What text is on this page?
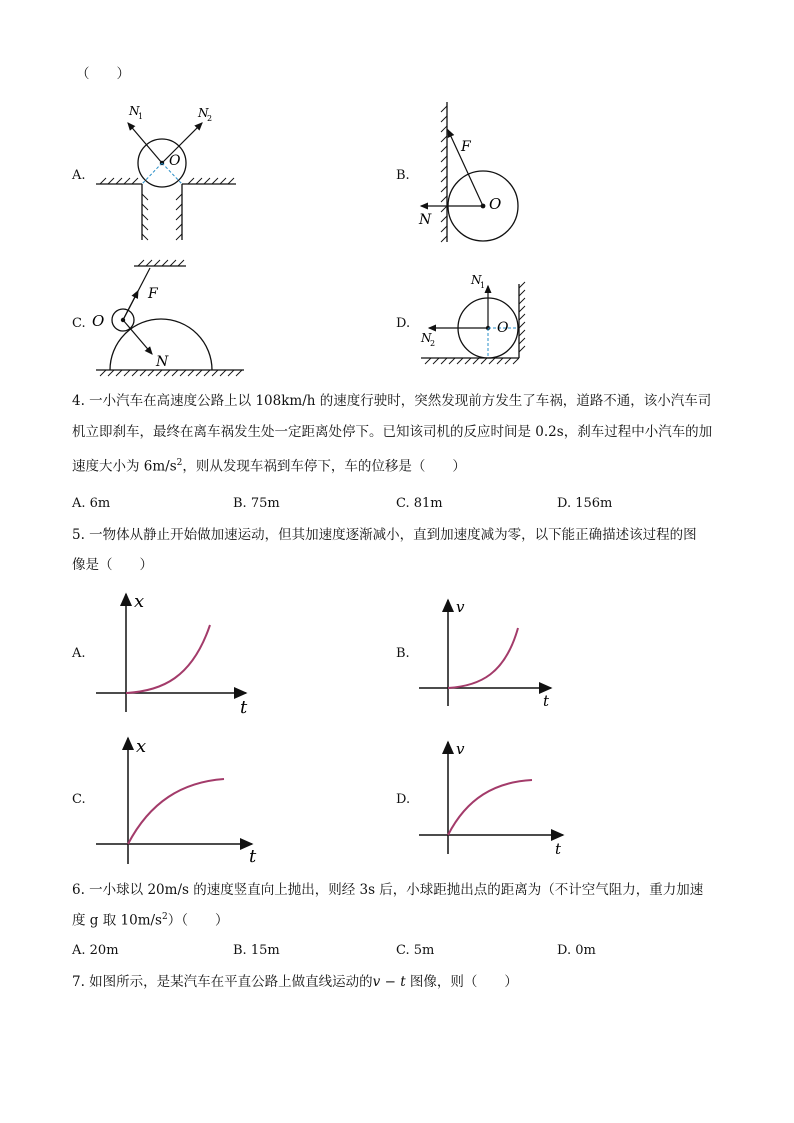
（　　）
A.	B.
C.	D.
N
1	N
2
O
F
N
O
F
N
O
N
1
N
2
O
4. 一小汽车在高速度公路上以 108km/h 的速度行驶时，突然发现前方发生了车祸，道路不通，该小汽车司
机立即刹车，最终在离车祸发生处一定距离处停下。已知该司机的反应时间是 0.2s，刹车过程中小汽车的加
速度大小为 $6m/s^2$，则从发现车祸到车停下，车的位移是（　　）
A. 6m	B. 75m	C. 81m	D. 156m
5. 一物体从静止开始做加速运动，但其加速度逐渐减小，直到加速度减为零，以下能正确描述该过程的图
像是（　　）
A.	B.
C.	D.
x
t
v
t
x
t
v
t
6. 一小球以 20m/s 的速度竖直向上抛出，则经 3s 后，小球距抛出点的距离为（不计空气阻力，重力加速
度 g 取 $10m/s^2$）（　　）
A. 20m	B. 15m	C. 5m	D. 0m
7. 如图所示，是某汽车在平直公路上做直线运动的v − t 图像，则（　　）
